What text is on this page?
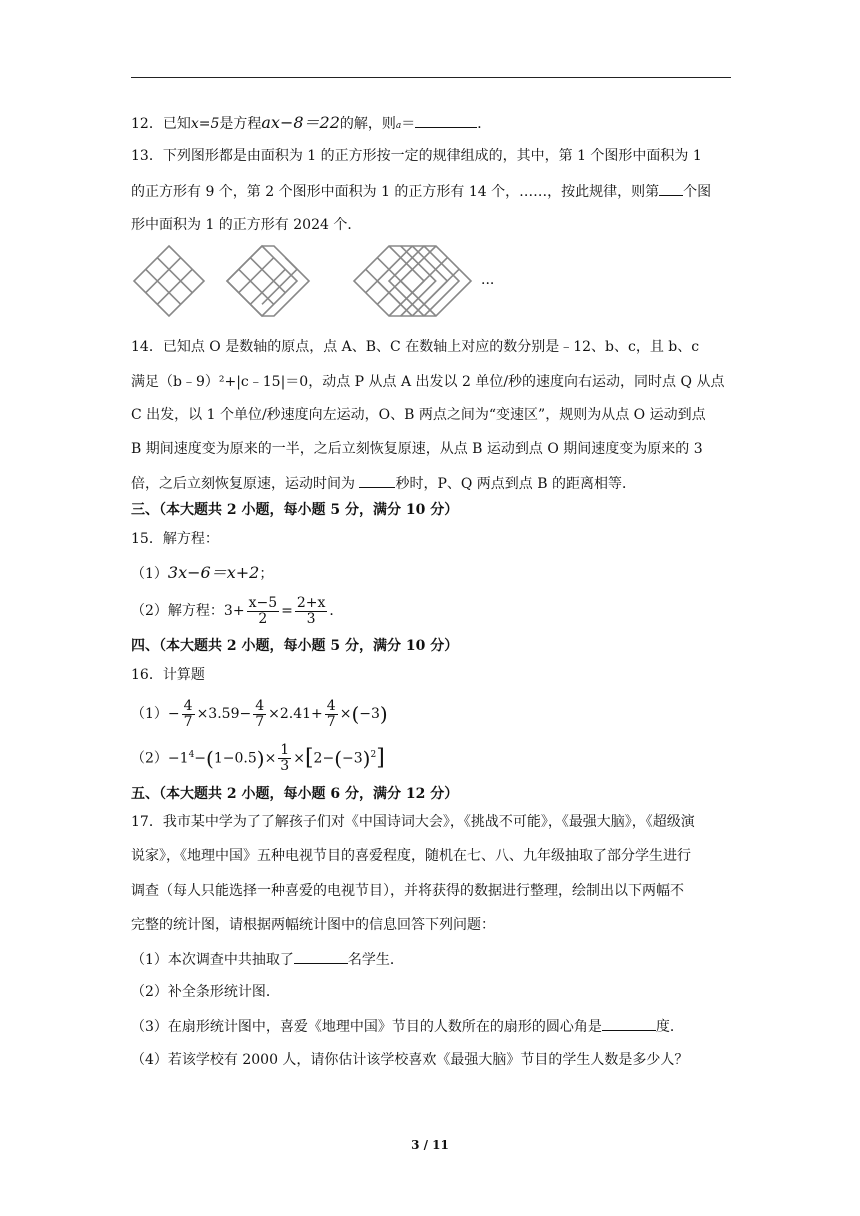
12．已知x=5是方程ax−8＝22的解，则a＝	．
13．下列图形都是由面积为 1 的正方形按一定的规律组成的，其中，第 1 个图形中面积为 1
的正方形有 9 个，第 2 个图形中面积为 1 的正方形有 14 个，……，按此规律，则第 个图
形中面积为 1 的正方形有 2024 个．
···
14．已知点 O 是数轴的原点，点 A、B、C 在数轴上对应的数分别是﹣12、b、c，且 b、c
满足（b﹣9）²+|c﹣15|＝0，动点 P 从点 A 出发以 2 单位/秒的速度向右运动，同时点 Q 从点
C 出发，以 1 个单位/秒速度向左运动，O、B 两点之间为“变速区”，规则为从点 O 运动到点
B 期间速度变为原来的一半，之后立刻恢复原速，从点 B 运动到点 O 期间速度变为原来的 3
倍，之后立刻恢复原速，运动时间为	秒时，P、Q 两点到点 B 的距离相等．
三、（本大题共 2 小题，每小题 5 分，满分 10 分）
15．解方程：
（1）3x−6＝x+2；
（2）解方程：$3+ \frac{x-5}{2} = \frac{2+x}{3}$ ．
四、（本大题共 2 小题，每小题 5 分，满分 10 分）
16．计算题
$(1)- \frac{4}{7} \times 3.59- \frac{4}{7} \times 2.41+ \frac{4}{7} \times(-3)$
$(2)-1^4-(1-0.5)\times \frac{1}{3} \times[2-(-3)^2]$
五、（本大题共 2 小题，每小题 6 分，满分 12 分）
17．我市某中学为了了解孩子们对《中国诗词大会》，《挑战不可能》，《最强大脑》，《超级演
说家》，《地理中国》五种电视节目的喜爱程度，随机在七、八、九年级抽取了部分学生进行
调查（每人只能选择一种喜爱的电视节目），并将获得的数据进行整理，绘制出以下两幅不
完整的统计图，请根据两幅统计图中的信息回答下列问题：
（1）本次调查中共抽取了	名学生．
（2）补全条形统计图．
（3）在扇形统计图中，喜爱《地理中国》节目的人数所在的扇形的圆心角是	度．
（4）若该学校有 2000 人，请你估计该学校喜欢《最强大脑》节目的学生人数是多少人？
3 / 11
